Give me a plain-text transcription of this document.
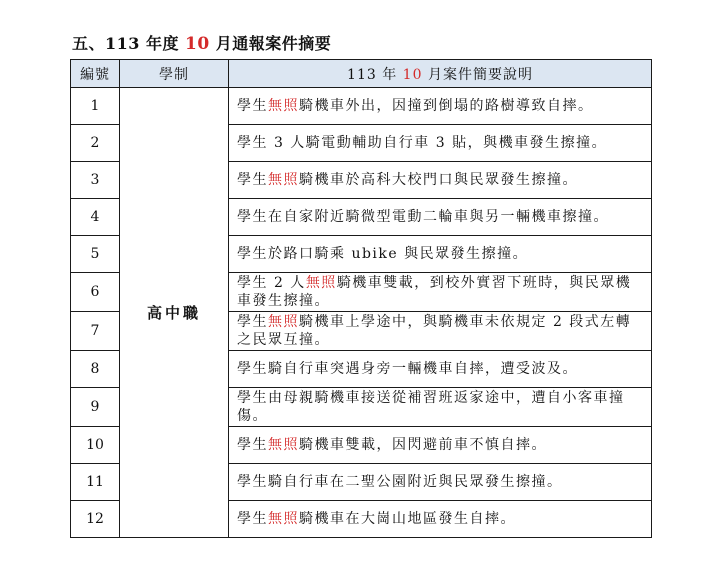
五、113 年度 10 月通報案件摘要
編號	學制	113 年 10 月案件簡要說明
1	高中職	學生無照騎機車外出，因撞到倒塌的路樹導致自摔。
2		學生 3 人騎電動輔助自行車 3 貼，與機車發生擦撞。
3		學生無照騎機車於高科大校門口與民眾發生擦撞。
4		學生在自家附近騎微型電動二輪車與另一輛機車擦撞。
5		學生於路口騎乘 ubike 與民眾發生擦撞。
6		學生 2 人無照騎機車雙載，到校外實習下班時，與民眾機車發生擦撞。
7		學生無照騎機車上學途中，與騎機車未依規定 2 段式左轉之民眾互撞。
8		學生騎自行車突遇身旁一輛機車自摔，遭受波及。
9		學生由母親騎機車接送從補習班返家途中，遭自小客車撞傷。
10		學生無照騎機車雙載，因閃避前車不慎自摔。
11		學生騎自行車在二聖公園附近與民眾發生擦撞。
12		學生無照騎機車在大崗山地區發生自摔。
